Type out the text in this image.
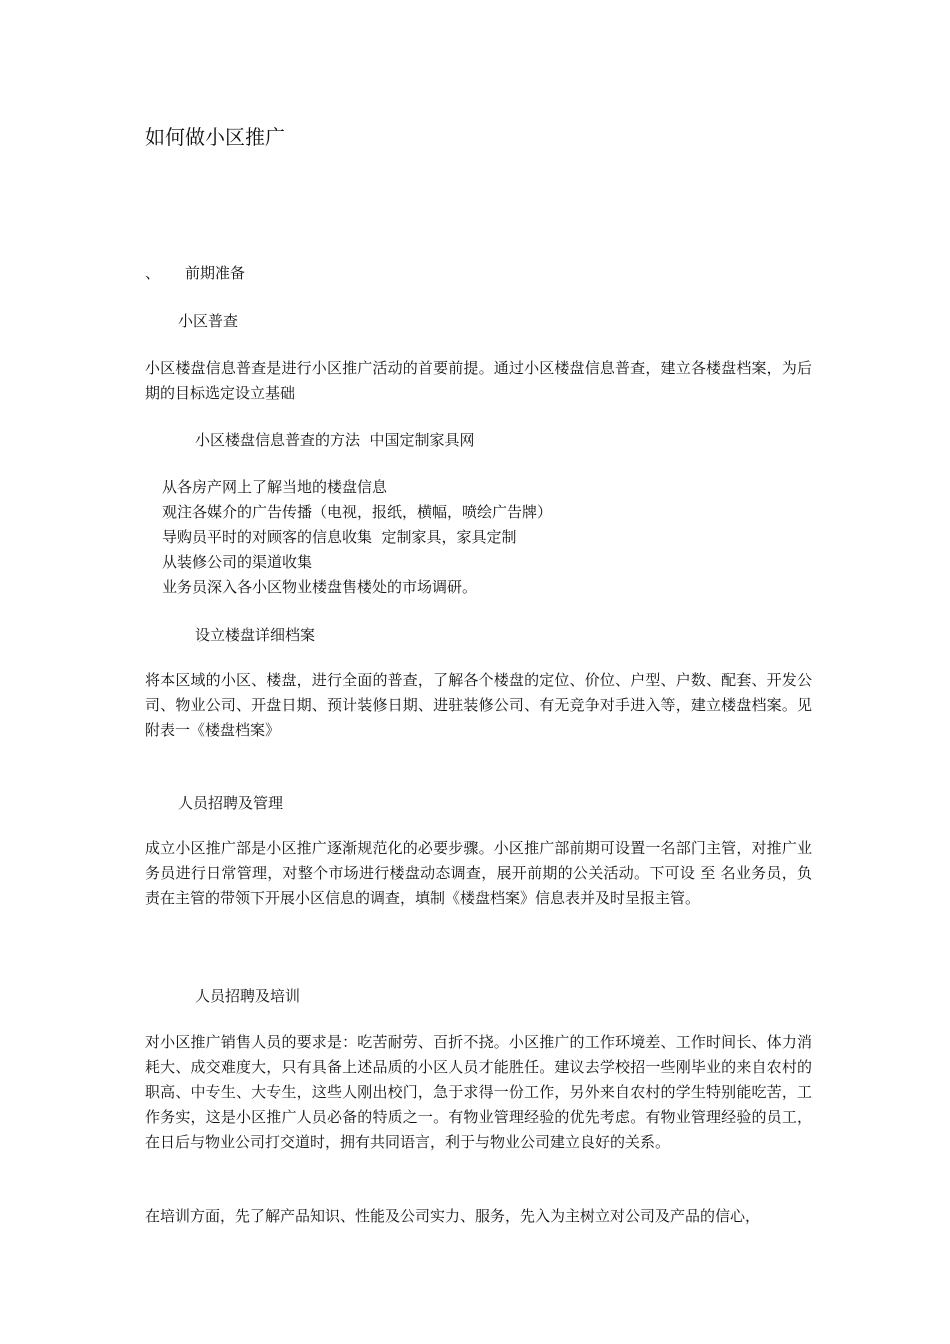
如何做小区推广
、 前期准备
小区普查
小区楼盘信息普查是进行小区推广活动的首要前提。通过小区楼盘信息普查，建立各楼盘档案，为后期的目标选定设立基础
小区楼盘信息普查的方法  中国定制家具网
从各房产网上了解当地的楼盘信息
观注各媒介的广告传播（电视，报纸，横幅，喷绘广告牌）
导购员平时的对顾客的信息收集  定制家具，家具定制
从装修公司的渠道收集
业务员深入各小区物业楼盘售楼处的市场调研。
设立楼盘详细档案
将本区域的小区、楼盘，进行全面的普查，了解各个楼盘的定位、价位、户型、户数、配套、开发公司、物业公司、开盘日期、预计装修日期、进驻装修公司、有无竞争对手进入等，建立楼盘档案。见附表一《楼盘档案》
人员招聘及管理
成立小区推广部是小区推广逐渐规范化的必要步骤。小区推广部前期可设置一名部门主管，对推广业务员进行日常管理，对整个市场进行楼盘动态调查，展开前期的公关活动。下可设 至 名业务员，负责在主管的带领下开展小区信息的调查，填制《楼盘档案》信息表并及时呈报主管。
人员招聘及培训
对小区推广销售人员的要求是：吃苦耐劳、百折不挠。小区推广的工作环境差、工作时间长、体力消耗大、成交难度大，只有具备上述品质的小区人员才能胜任。建议去学校招一些刚毕业的来自农村的职高、中专生、大专生，这些人刚出校门，急于求得一份工作，另外来自农村的学生特别能吃苦，工作务实，这是小区推广人员必备的特质之一。有物业管理经验的优先考虑。有物业管理经验的员工，在日后与物业公司打交道时，拥有共同语言，利于与物业公司建立良好的关系。
在培训方面，先了解产品知识、性能及公司实力、服务，先入为主树立对公司及产品的信心，
